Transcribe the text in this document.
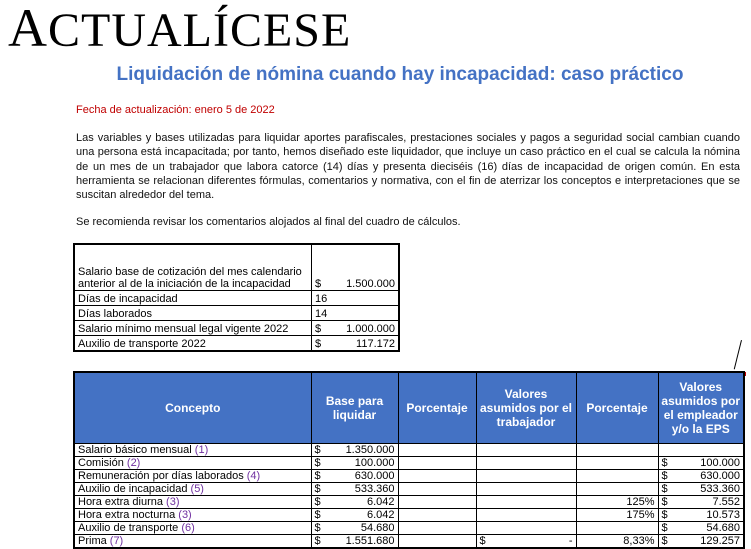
ACTUALÍCESE
Liquidación de nómina cuando hay incapacidad: caso práctico
Fecha de actualización: enero 5 de 2022
Las variables y bases utilizadas para liquidar aportes parafiscales, prestaciones sociales y pagos a seguridad social cambian cuando una persona está incapacitada; por tanto, hemos diseñado este liquidador, que incluye un caso práctico en el cual se calcula la nómina de un mes de un trabajador que labora catorce (14) días y presenta dieciséis (16) días de incapacidad de origen común. En esta herramienta se relacionan diferentes fórmulas, comentarios y normativa, con el fin de aterrizar los conceptos e interpretaciones que se suscitan alrededor del tema.
Se recomienda revisar los comentarios alojados al final del cuadro de cálculos.
Salario base de cotización del mes calendario anterior al de la iniciación de la incapacidad	$ 1.500.000

Días de incapacidad	16
Días laborados	14
Salario mínimo mensual legal vigente 2022	$ 1.000.000

Auxilio de transporte 2022	$ 117.172
Concepto	Base para liquidar	Porcentaje	Valores asumidos por el trabajador	Porcentaje	Valores asumidos por el empleador y/o la EPS
Salario básico mensual (1)	$ 1.350.000				

Comisión (2)	$ 100.000				$ 100.000

Remuneración por días laborados (4)	$ 630.000				$ 630.000

Auxilio de incapacidad (5)	$ 533.360				$ 533.360

Hora extra diurna (3)	$ 6.042			125%	$ 7.552

Hora extra nocturna (3)	$ 6.042			175%	$ 10.573

Auxilio de transporte (6)	$ 54.680				$ 54.680

Prima (7)	$ 1.551.680		$ -	8,33%	$ 129.257
